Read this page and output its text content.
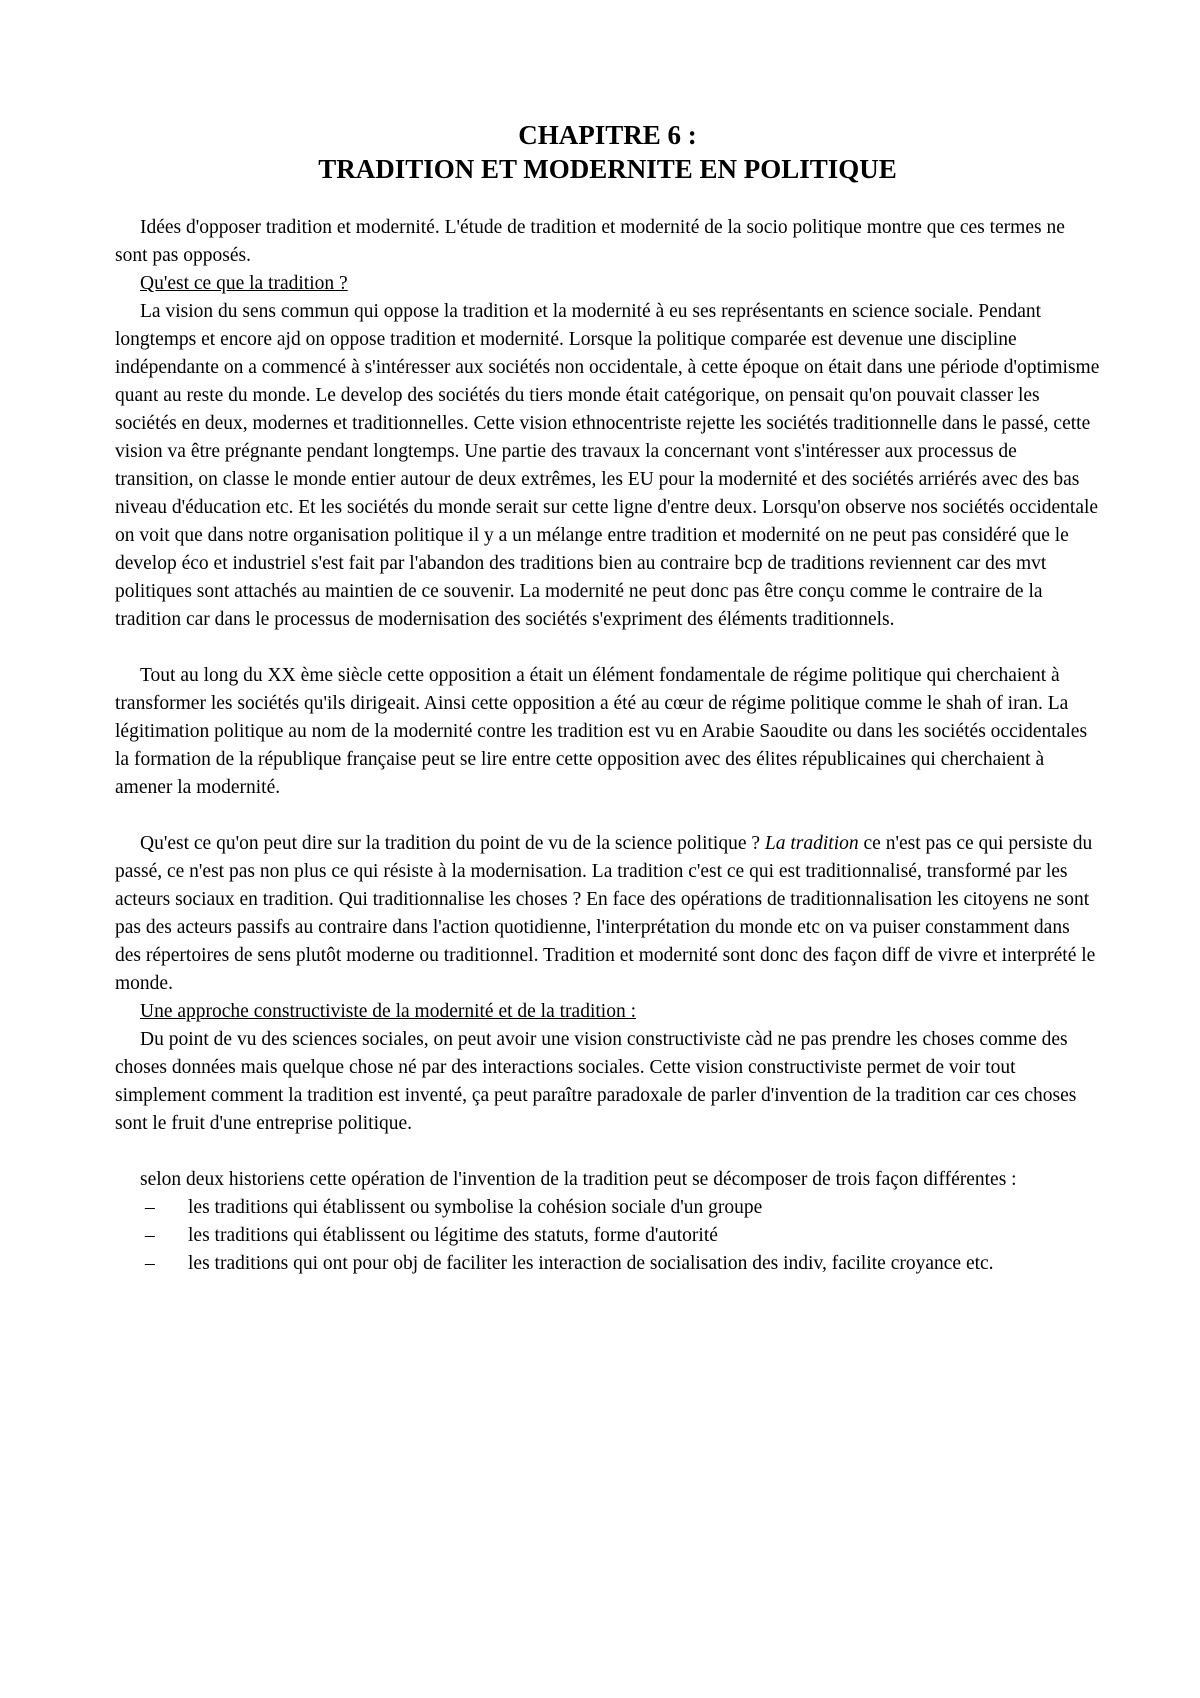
CHAPITRE 6 :
TRADITION ET MODERNITE EN POLITIQUE

Idées d'opposer tradition et modernité. L'étude de tradition et modernité de la socio politique montre que ces termes ne sont pas opposés.

Qu'est ce que la tradition ?

La vision du sens commun qui oppose la tradition et la modernité à eu ses représentants en science sociale. Pendant longtemps et encore ajd on oppose tradition et modernité. Lorsque la politique comparée est devenue une discipline indépendante on a commencé à s'intéresser aux sociétés non occidentale, à cette époque on était dans une période d'optimisme quant au reste du monde. Le develop des sociétés du tiers monde était catégorique, on pensait qu'on pouvait classer les sociétés en deux, modernes et traditionnelles. Cette vision ethnocentriste rejette les sociétés traditionnelle dans le passé, cette vision va être prégnante pendant longtemps. Une partie des travaux la concernant vont s'intéresser aux processus de transition, on classe le monde entier autour de deux extrêmes, les EU pour la modernité et des sociétés arriérés avec des bas niveau d'éducation etc. Et les sociétés du monde serait sur cette ligne d'entre deux. Lorsqu'on observe nos sociétés occidentale on voit que dans notre organisation politique il y a un mélange entre tradition et modernité on ne peut pas considéré que le develop éco et industriel s'est fait par l'abandon des traditions bien au contraire bcp de traditions reviennent car des mvt politiques sont attachés au maintien de ce souvenir. La modernité ne peut donc pas être conçu comme le contraire de la tradition car dans le processus de modernisation des sociétés s'expriment des éléments traditionnels.

Tout au long du XX ème siècle cette opposition a était un élément fondamentale de régime politique qui cherchaient à transformer les sociétés qu'ils dirigeait. Ainsi cette opposition a été au cœur de régime politique comme le shah of iran. La légitimation politique au nom de la modernité contre les tradition est vu en Arabie Saoudite ou dans les sociétés occidentales la formation de la république française peut se lire entre cette opposition avec des élites républicaines qui cherchaient à amener la modernité.

Qu'est ce qu'on peut dire sur la tradition du point de vu de la science politique ? La tradition ce n'est pas ce qui persiste du passé, ce n'est pas non plus ce qui résiste à la modernisation. La tradition c'est ce qui est traditionnalisé, transformé par les acteurs sociaux en tradition. Qui traditionnalise les choses ? En face des opérations de traditionnalisation les citoyens ne sont pas des acteurs passifs au contraire dans l'action quotidienne, l'interprétation du monde etc on va puiser constamment dans des répertoires de sens plutôt moderne ou traditionnel. Tradition et modernité sont donc des façon diff de vivre et interprété le monde.

Une approche constructiviste de la modernité et de la tradition :

Du point de vu des sciences sociales, on peut avoir une vision constructiviste càd ne pas prendre les choses comme des choses données mais quelque chose né par des interactions sociales. Cette vision constructiviste permet de voir tout simplement comment la tradition est inventé, ça peut paraître paradoxale de parler d'invention de la tradition car ces choses sont le fruit d'une entreprise politique.

selon deux historiens cette opération de l'invention de la tradition peut se décomposer de trois façon différentes :

– les traditions qui établissent ou symbolise la cohésion sociale d'un groupe
– les traditions qui établissent ou légitime des statuts, forme d'autorité
– les traditions qui ont pour obj de faciliter les interaction de socialisation des indiv, facilite croyance etc.
